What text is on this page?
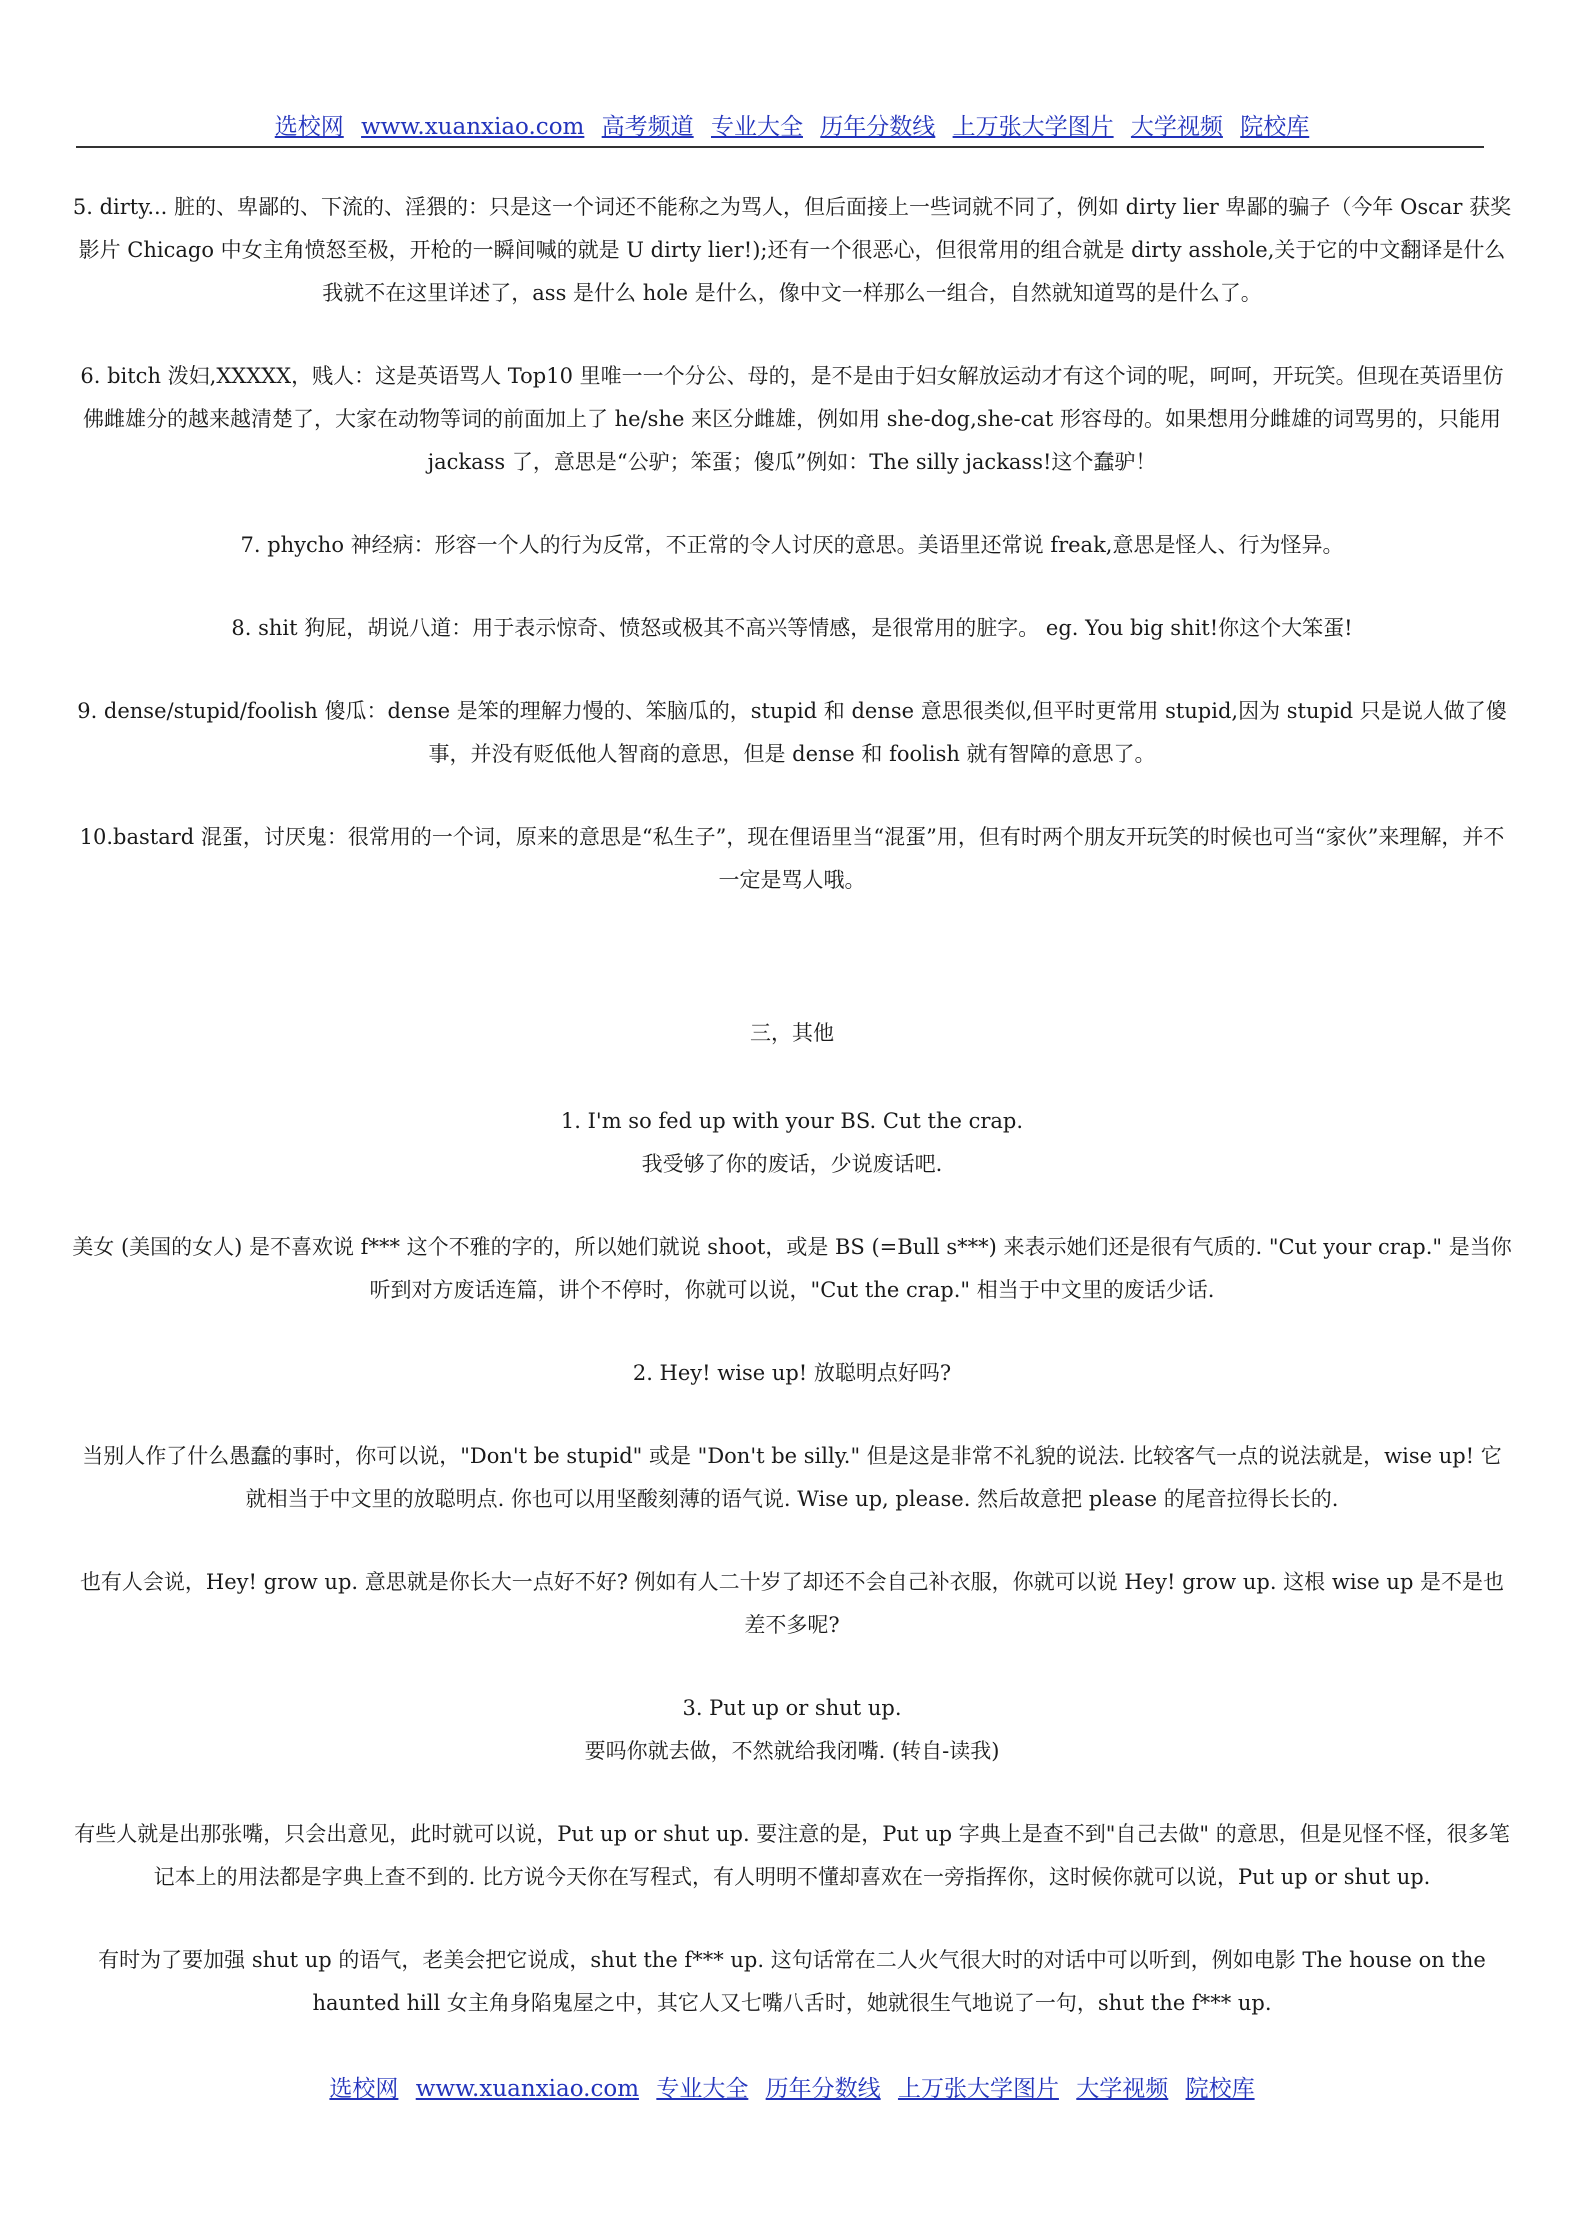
选校网 www.xuanxiao.com 高考频道 专业大全 历年分数线 上万张大学图片 大学视频 院校库

5. dirty... 脏的、卑鄙的、下流的、淫猥的：只是这一个词还不能称之为骂人，但后面接上一些词就不同了，例如 dirty lier 卑鄙的骗子（今年 Oscar 获奖影片 Chicago 中女主角愤怒至极，开枪的一瞬间喊的就是 U dirty lier!);还有一个很恶心，但很常用的组合就是 dirty asshole,关于它的中文翻译是什么我就不在这里详述了，ass 是什么 hole 是什么，像中文一样那么一组合，自然就知道骂的是什么了。

6. bitch 泼妇,XXXXX，贱人：这是英语骂人 Top10 里唯一一个分公、母的，是不是由于妇女解放运动才有这个词的呢，呵呵，开玩笑。但现在英语里仿佛雌雄分的越来越清楚了，大家在动物等词的前面加上了 he/she 来区分雌雄，例如用 she-dog,she-cat 形容母的。如果想用分雌雄的词骂男的，只能用 jackass 了，意思是“公驴；笨蛋；傻瓜”例如：The silly jackass!这个蠢驴！

7. phycho 神经病：形容一个人的行为反常，不正常的令人讨厌的意思。美语里还常说 freak,意思是怪人、行为怪异。

8. shit 狗屁，胡说八道：用于表示惊奇、愤怒或极其不高兴等情感，是很常用的脏字。 eg. You big shit!你这个大笨蛋!

9. dense/stupid/foolish 傻瓜：dense 是笨的理解力慢的、笨脑瓜的，stupid 和 dense 意思很类似,但平时更常用 stupid,因为 stupid 只是说人做了傻事，并没有贬低他人智商的意思，但是 dense 和 foolish 就有智障的意思了。

10.bastard 混蛋，讨厌鬼：很常用的一个词，原来的意思是“私生子”，现在俚语里当“混蛋”用，但有时两个朋友开玩笑的时候也可当“家伙”来理解，并不一定是骂人哦。

三，其他

1. I'm so fed up with your BS. Cut the crap.
我受够了你的废话，少说废话吧.

美女 (美国的女人) 是不喜欢说 f*** 这个不雅的字的，所以她们就说 shoot，或是 BS (=Bull s***) 来表示她们还是很有气质的. "Cut your crap." 是当你听到对方废话连篇，讲个不停时，你就可以说，"Cut the crap." 相当于中文里的废话少话.

2. Hey! wise up! 放聪明点好吗?

当别人作了什么愚蠢的事时，你可以说，"Don't be stupid" 或是 "Don't be silly." 但是这是非常不礼貌的说法. 比较客气一点的说法就是，wise up! 它就相当于中文里的放聪明点. 你也可以用坚酸刻薄的语气说. Wise up, please. 然后故意把 please 的尾音拉得长长的.

也有人会说，Hey! grow up. 意思就是你长大一点好不好? 例如有人二十岁了却还不会自己补衣服，你就可以说 Hey! grow up. 这根 wise up 是不是也差不多呢?

3. Put up or shut up.
要吗你就去做，不然就给我闭嘴. (转自-读我)

有些人就是出那张嘴，只会出意见，此时就可以说，Put up or shut up. 要注意的是，Put up 字典上是查不到"自己去做" 的意思，但是见怪不怪，很多笔记本上的用法都是字典上查不到的. 比方说今天你在写程式，有人明明不懂却喜欢在一旁指挥你，这时候你就可以说，Put up or shut up.

有时为了要加强 shut up 的语气，老美会把它说成，shut the f*** up. 这句话常在二人火气很大时的对话中可以听到，例如电影 The house on the haunted hill 女主角身陷鬼屋之中，其它人又七嘴八舌时，她就很生气地说了一句，shut the f*** up.

选校网 www.xuanxiao.com 专业大全 历年分数线 上万张大学图片 大学视频 院校库
